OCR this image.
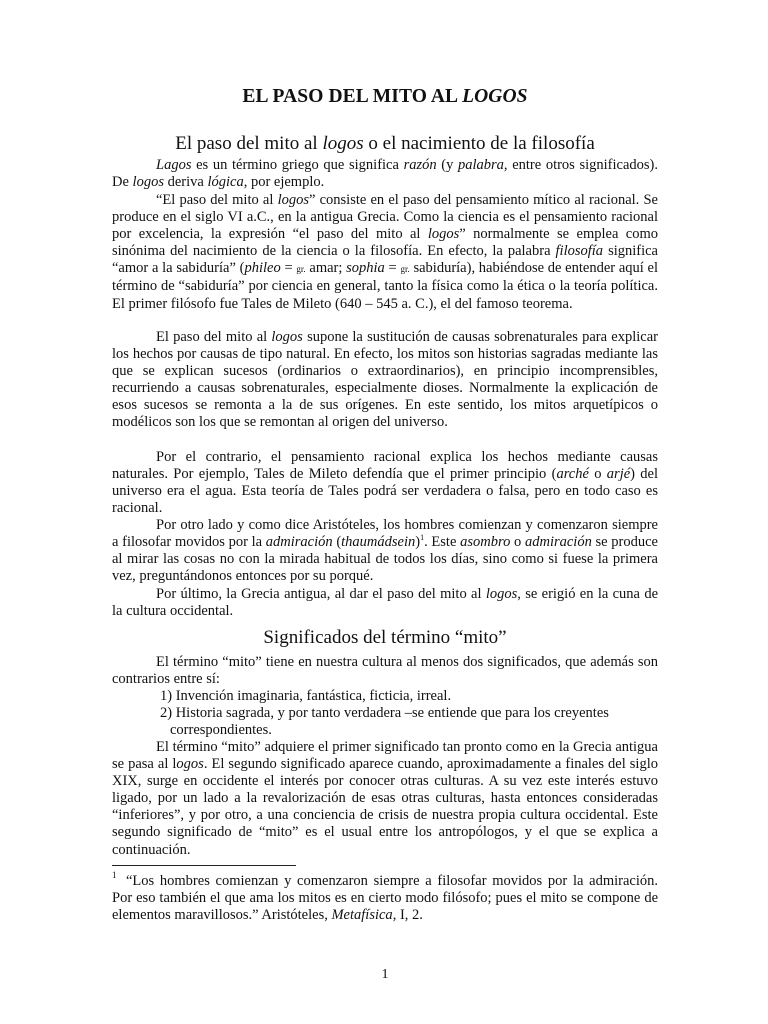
EL PASO DEL MITO AL LOGOS
El paso del mito al logos o el nacimiento de la filosofía

Lagos es un término griego que significa razón (y palabra, entre otros significados). De logos deriva lógica, por ejemplo.

“El paso del mito al logos” consiste en el paso del pensamiento mítico al racional. Se produce en el siglo VI a.C., en la antigua Grecia. Como la ciencia es el pensamiento racional por excelencia, la expresión “el paso del mito al logos” normalmente se emplea como sinónima del nacimiento de la ciencia o la filosofía. En efecto, la palabra filosofía significa “amor a la sabiduría” (phileo = gr. amar; sophia = gr. sabiduría), habiéndose de entender aquí el término de “sabiduría” por ciencia en general, tanto la física como la ética o la teoría política. El primer filósofo fue Tales de Mileto (640 – 545 a. C.), el del famoso teorema.

El paso del mito al logos supone la sustitución de causas sobrenaturales para explicar los hechos por causas de tipo natural. En efecto, los mitos son historias sagradas mediante las que se explican sucesos (ordinarios o extraordinarios), en principio incomprensibles, recurriendo a causas sobrenaturales, especialmente dioses. Normalmente la explicación de esos sucesos se remonta a la de sus orígenes. En este sentido, los mitos arquetípicos o modélicos son los que se remontan al origen del universo.

Por el contrario, el pensamiento racional explica los hechos mediante causas naturales. Por ejemplo, Tales de Mileto defendía que el primer principio (arché o arjé) del universo era el agua. Esta teoría de Tales podrá ser verdadera o falsa, pero en todo caso es racional.

Por otro lado y como dice Aristóteles, los hombres comienzan y comenzaron siempre a filosofar movidos por la admiración (thaumádsein)$^1$. Este asombro o admiración se produce al mirar las cosas no con la mirada habitual de todos los días, sino como si fuese la primera vez, preguntándonos entonces por su porqué.

Por último, la Grecia antigua, al dar el paso del mito al logos, se erigió en la cuna de la cultura occidental.

Significados del término “mito”

El término “mito” tiene en nuestra cultura al menos dos significados, que además son contrarios entre sí:

1) Invención imaginaria, fantástica, ficticia, irreal.
2) Historia sagrada, y por tanto verdadera –se entiende que para los creyentes
correspondientes.

El término “mito” adquiere el primer significado tan pronto como en la Grecia antigua se pasa al logos. El segundo significado aparece cuando, aproximadamente a finales del siglo XIX, surge en occidente el interés por conocer otras culturas. A su vez este interés estuvo ligado, por un lado a la revalorización de esas otras culturas, hasta entonces consideradas “inferiores”, y por otro, a una conciencia de crisis de nuestra propia cultura occidental. Este segundo significado de “mito” es el usual entre los antropólogos, y el que se explica a continuación.

1 “Los hombres comienzan y comenzaron siempre a filosofar movidos por la admiración. Por eso también el que ama los mitos es en cierto modo filósofo; pues el mito se compone de elementos maravillosos.” Aristóteles, Metafísica, I, 2.

1
